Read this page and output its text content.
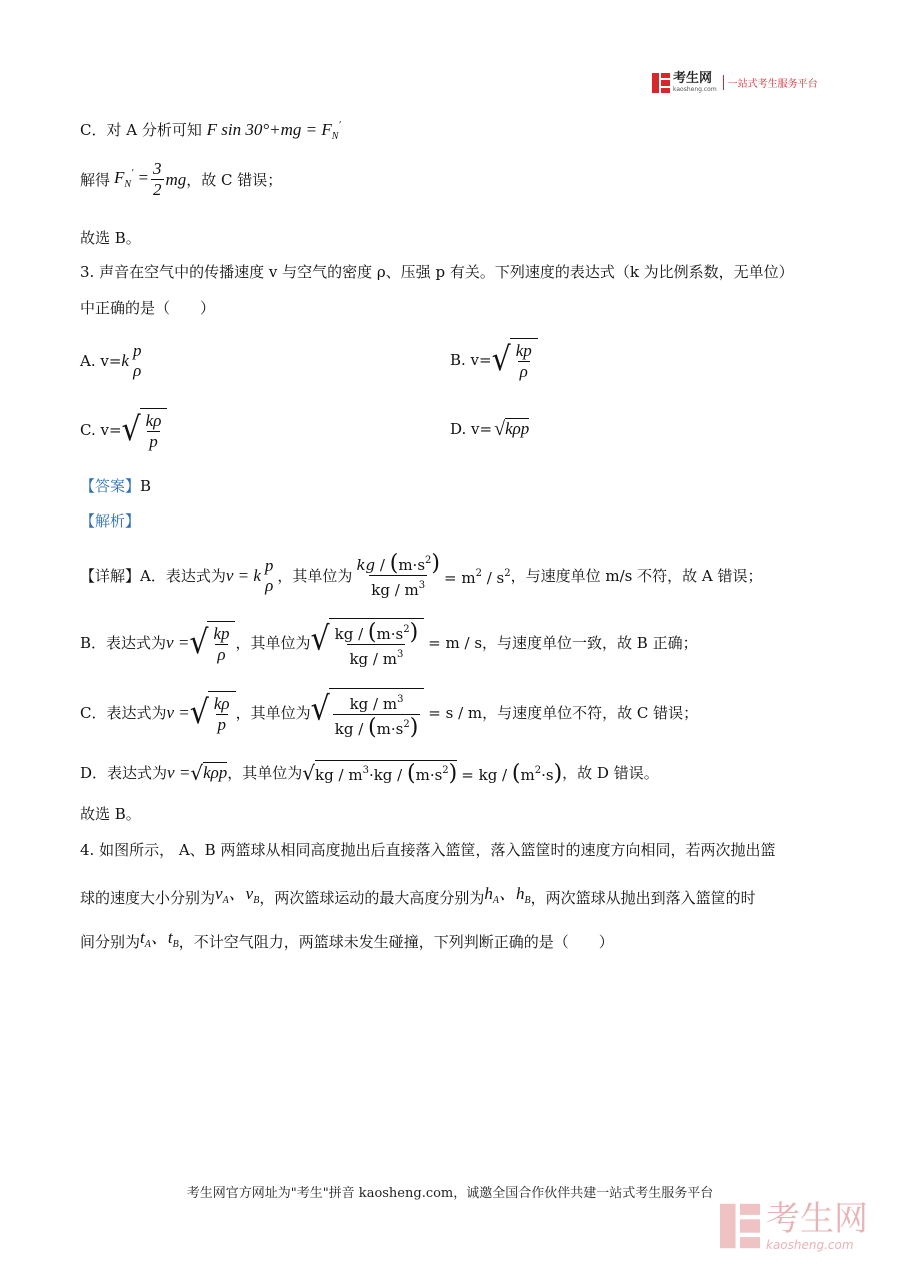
考生网
kaosheng.com	一站式考生服务平台
C．对 A 分析可知 F $\sin 30^\circ+mg = F_N'$
解得 $F_N' = \frac{3}{2}$ mg ，故 C 错误；
故选 B。
3. 声音在空气中的传播速度 v 与空气的密度 ρ、压强 p 有关。下列速度的表达式（k 为比例系数，无单位）
中正确的是（　　）
A. v= k
p
ρ
B. v= √ $\frac{kp}{\rho}$
C. v= √ $\frac{k\rho}{p}$	D. v= √ kρp
【答案】B
【解析】
【详解】 A．表达式为 v = k
p
ρ ，其单位为 $\frac{kg / (m\cdot s^2)}{kg / m^3} = m^2 / s^2$ ，与速度单位 m/s 不符，故 A 错误；
B．表达式为 v = √ $\frac{kp}{\rho}$ ，其单位为 √ $\frac{kg / (m\cdot s^2)}{kg / m^3} = m / s$ ，与速度单位一致，故 B 正确；
C．表达式为 v = √ $\frac{k\rho}{p}$ ，其单位为 √ $\frac{kg / m^3}{kg / (m\cdot s^2)} = s / m$ ，与速度单位不符，故 C 错误；
D．表达式为 v = √ kρp ，其单位为 √ kg / $m^3\cdot kg / (m\cdot s^2)$ = kg / $(m^2\cdot s)$ ，故 D 错误。
故选 B。
4. 如图所示， A、B 两篮球从相同高度抛出后直接落入篮筐，落入篮筐时的速度方向相同，若两次抛出篮
球的速度大小分别为 $v_A$、$v_B$ ，两次篮球运动的最大高度分别为 $h_A$、$h_B$ ，两次篮球从抛出到落入篮筐的时
间分别为 $t_A$、$t_B$ ，不计空气阻力，两篮球未发生碰撞，下列判断正确的是（　　）
考生网官方网址为"考生"拼音 kaosheng.com，诚邀全国合作伙伴共建一站式考生服务平台
考生网
kaosheng.com
